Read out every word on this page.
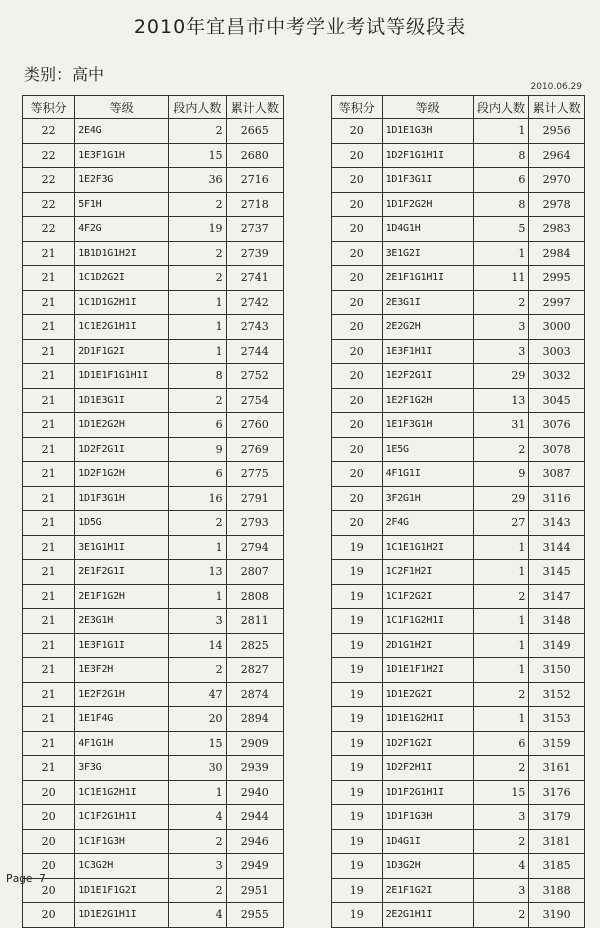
2010年宜昌市中考学业考试等级段表
类别：高中
2010.06.29
等积分	等级	段内人数	累计人数
22	2E4G	2	2665
22	1E3F1G1H	15	2680
22	1E2F3G	36	2716
22	5F1H	2	2718
22	4F2G	19	2737
21	1B1D1G1H2I	2	2739
21	1C1D2G2I	2	2741
21	1C1D1G2H1I	1	2742
21	1C1E2G1H1I	1	2743
21	2D1F1G2I	1	2744
21	1D1E1F1G1H1I	8	2752
21	1D1E3G1I	2	2754
21	1D1E2G2H	6	2760
21	1D2F2G1I	9	2769
21	1D2F1G2H	6	2775
21	1D1F3G1H	16	2791
21	1D5G	2	2793
21	3E1G1H1I	1	2794
21	2E1F2G1I	13	2807
21	2E1F1G2H	1	2808
21	2E3G1H	3	2811
21	1E3F1G1I	14	2825
21	1E3F2H	2	2827
21	1E2F2G1H	47	2874
21	1E1F4G	20	2894
21	4F1G1H	15	2909
21	3F3G	30	2939
20	1C1E1G2H1I	1	2940
20	1C1F2G1H1I	4	2944
20	1C1F1G3H	2	2946
20	1C3G2H	3	2949
20	1D1E1F1G2I	2	2951
20	1D1E2G1H1I	4	2955
等积分	等级	段内人数	累计人数
20	1D1E1G3H	1	2956
20	1D2F1G1H1I	8	2964
20	1D1F3G1I	6	2970
20	1D1F2G2H	8	2978
20	1D4G1H	5	2983
20	3E1G2I	1	2984
20	2E1F1G1H1I	11	2995
20	2E3G1I	2	2997
20	2E2G2H	3	3000
20	1E3F1H1I	3	3003
20	1E2F2G1I	29	3032
20	1E2F1G2H	13	3045
20	1E1F3G1H	31	3076
20	1E5G	2	3078
20	4F1G1I	9	3087
20	3F2G1H	29	3116
20	2F4G	27	3143
19	1C1E1G1H2I	1	3144
19	1C2F1H2I	1	3145
19	1C1F2G2I	2	3147
19	1C1F1G2H1I	1	3148
19	2D1G1H2I	1	3149
19	1D1E1F1H2I	1	3150
19	1D1E2G2I	2	3152
19	1D1E1G2H1I	1	3153
19	1D2F1G2I	6	3159
19	1D2F2H1I	2	3161
19	1D1F2G1H1I	15	3176
19	1D1F1G3H	3	3179
19	1D4G1I	2	3181
19	1D3G2H	4	3185
19	2E1F1G2I	3	3188
19	2E2G1H1I	2	3190
Page 7
